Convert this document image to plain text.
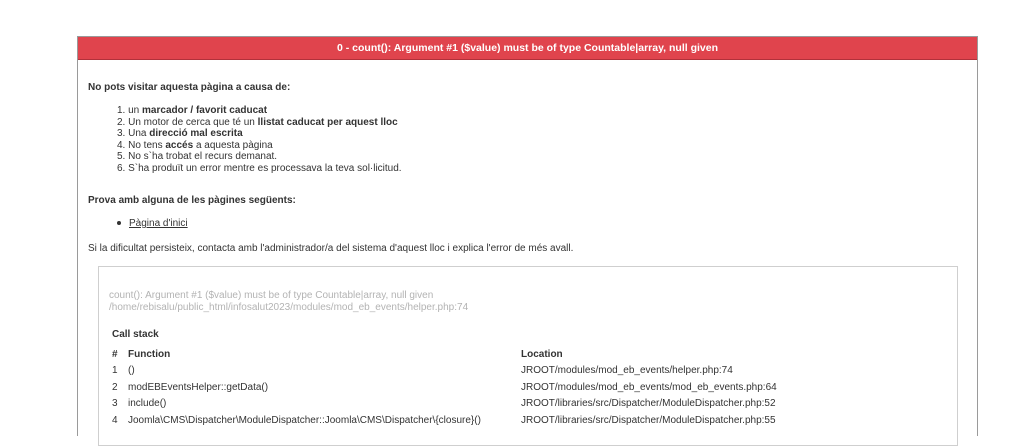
0 - count(): Argument #1 ($value) must be of type Countable|array, null given
No pots visitar aquesta pàgina a causa de:
1. un marcador / favorit caducat
2. Un motor de cerca que té un llistat caducat per aquest lloc
3. Una direcció mal escrita
4. No tens accés a aquesta pàgina
5. No s`ha trobat el recurs demanat.
6. S`ha produït un error mentre es processava la teva sol·licitud.
Prova amb alguna de les pàgines següents:
Pàgina d'inici
Si la dificultat persisteix, contacta amb l'administrador/a del sistema d'aquest lloc i explica l'error de més avall.
count(): Argument #1 ($value) must be of type Countable|array, null given
/home/rebisalu/public_html/infosalut2023/modules/mod_eb_events/helper.php:74
Call stack
#	Function	Location
1	()	JROOT/modules/mod_eb_events/helper.php:74
2	modEBEventsHelper::getData()	JROOT/modules/mod_eb_events/mod_eb_events.php:64
3	include()	JROOT/libraries/src/Dispatcher/ModuleDispatcher.php:52
4	Joomla\CMS\Dispatcher\ModuleDispatcher::Joomla\CMS\Dispatcher\{closure}()	JROOT/libraries/src/Dispatcher/ModuleDispatcher.php:55
